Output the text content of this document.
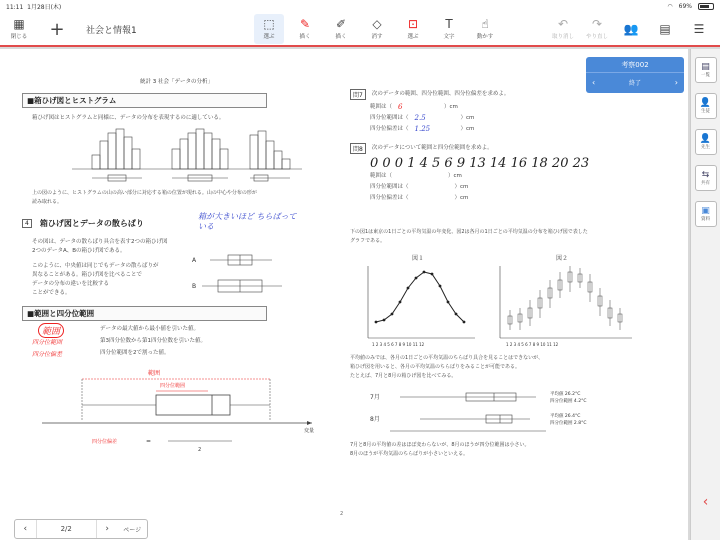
11:11 1月28日(木)	◠ 69%
▦
閉じる + 社会と情報1	⬚
選ぶ
✎
描く
✐
描く
◇
消す
⊡
選ぶ
T
文字
☝
動かす
↶
取り消し
↷
やり直し
👥 ▤ ☰
統計 3 社会「データの分析」
■箱ひげ図とヒストグラム
箱ひげ図はヒストグラムと同様に、データの分布を表現するのに適している。
上の図のように、ヒストグラムの山の高い部分に対応する箱の位置が現れる。山の中心や分布の形が
読み取れる。
4	箱ひげ図とデータの散らばり
その図は、データの散らばり具合を表す2つの箱ひげ図
2つのデータA、Bの箱ひげ図である。
このように、中央値は同じでもデータの散らばりが
異なることがある。箱ひげ図を比べることで
データの分布の違いを比較する
ことができる。
箱が大きいほど ちらばっている
A
B
■範囲と四分位範囲
範囲
四分位範囲
四分位偏差
データの最大値から最小値を引いた値。
第3四分位数から第1四分位数を引いた値。
四分位範囲を2で割った値。
範囲
四分位範囲
変量
四分位偏差	=
2
問7	次のデータの範囲、四分位範囲、四分位偏差を求めよ。
範囲は（ 6	）cm
四分位範囲は（ 2.5	）cm
四分位偏差は（ 1.25	）cm
問8	次のデータについて範囲と四分位範囲を求めよ。
0 0 0 1 4 5 6 9 13 14 16 18 20 23
範囲は（	）cm
四分位範囲は（	）cm
四分位偏差は（	）cm
下の図1は東京の1日ごとの平均気温の年変化、図2は各月の1日ごとの平均気温の分布を箱ひげ図で表した
グラフである。
図１
1 2 3 4 5 6 7 8 9 10 11 12
図２
1 2 3 4 5 6 7 8 9 10 11 12
平均値のみでは、各月の1日ごとの平均気温のちらばり具合を見ることはできないが、
箱ひげ図を用いると、各月の平均気温のちらばりをみることが可能である。
たとえば、7月と8月の箱ひげ図を比べてみる。
7月	平均値 26.2°C
四分位範囲 4.2°C
8月	平均値 26.4°C
四分位範囲 2.8°C
7月と8月の平均値の差はほぼ変わらないが、8月のほうが四分位範囲は小さい。
8月のほうが平均気温のちらばりが小さいといえる。
2
考察002
‹	終了	›
▤
一覧
👤
生徒
👤
先生
⇆
共有
▣
資料
‹
‹	2/2	›	ページ
